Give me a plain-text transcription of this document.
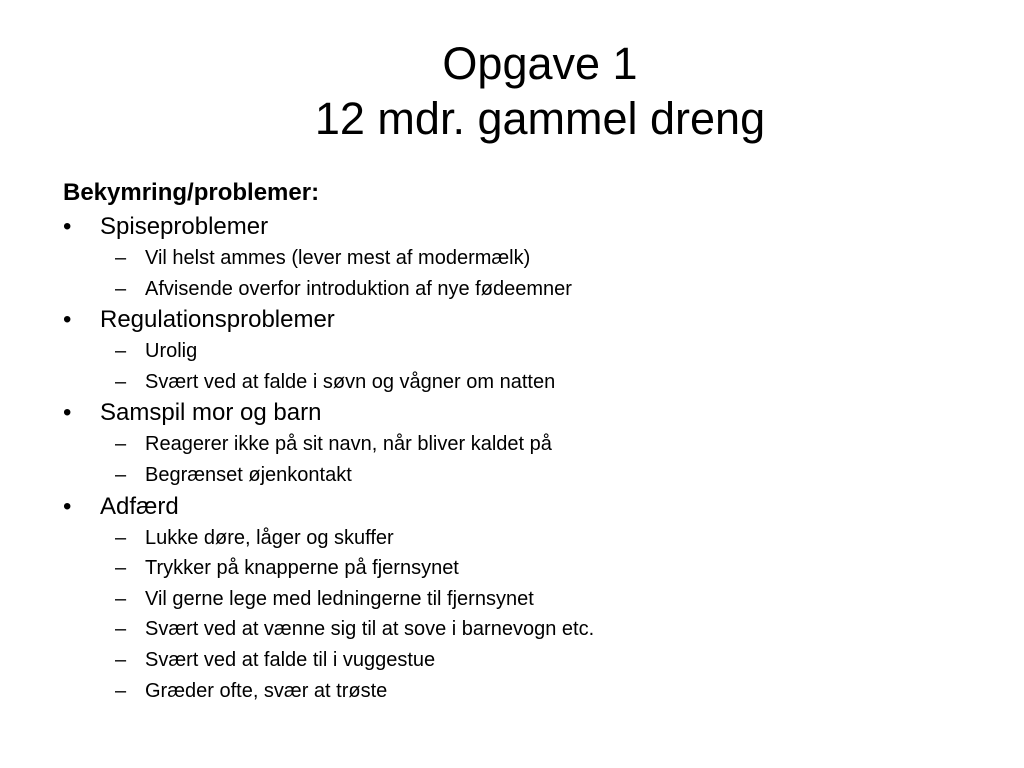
Opgave 1
12 mdr. gammel dreng
Bekymring/problemer:
•	Spiseproblemer
– Vil helst ammes (lever mest af modermælk)
– Afvisende overfor introduktion af nye fødeemner
•	Regulationsproblemer
– Urolig
– Svært ved at falde i søvn og vågner om natten
•	Samspil mor og barn
– Reagerer ikke på sit navn, når bliver kaldet på
– Begrænset øjenkontakt
•	Adfærd
– Lukke døre, låger og skuffer
– Trykker på knapperne på fjernsynet
– Vil gerne lege med ledningerne til fjernsynet
– Svært ved at vænne sig til at sove i barnevogn etc.
– Svært ved at falde til i vuggestue
– Græder ofte, svær at trøste
